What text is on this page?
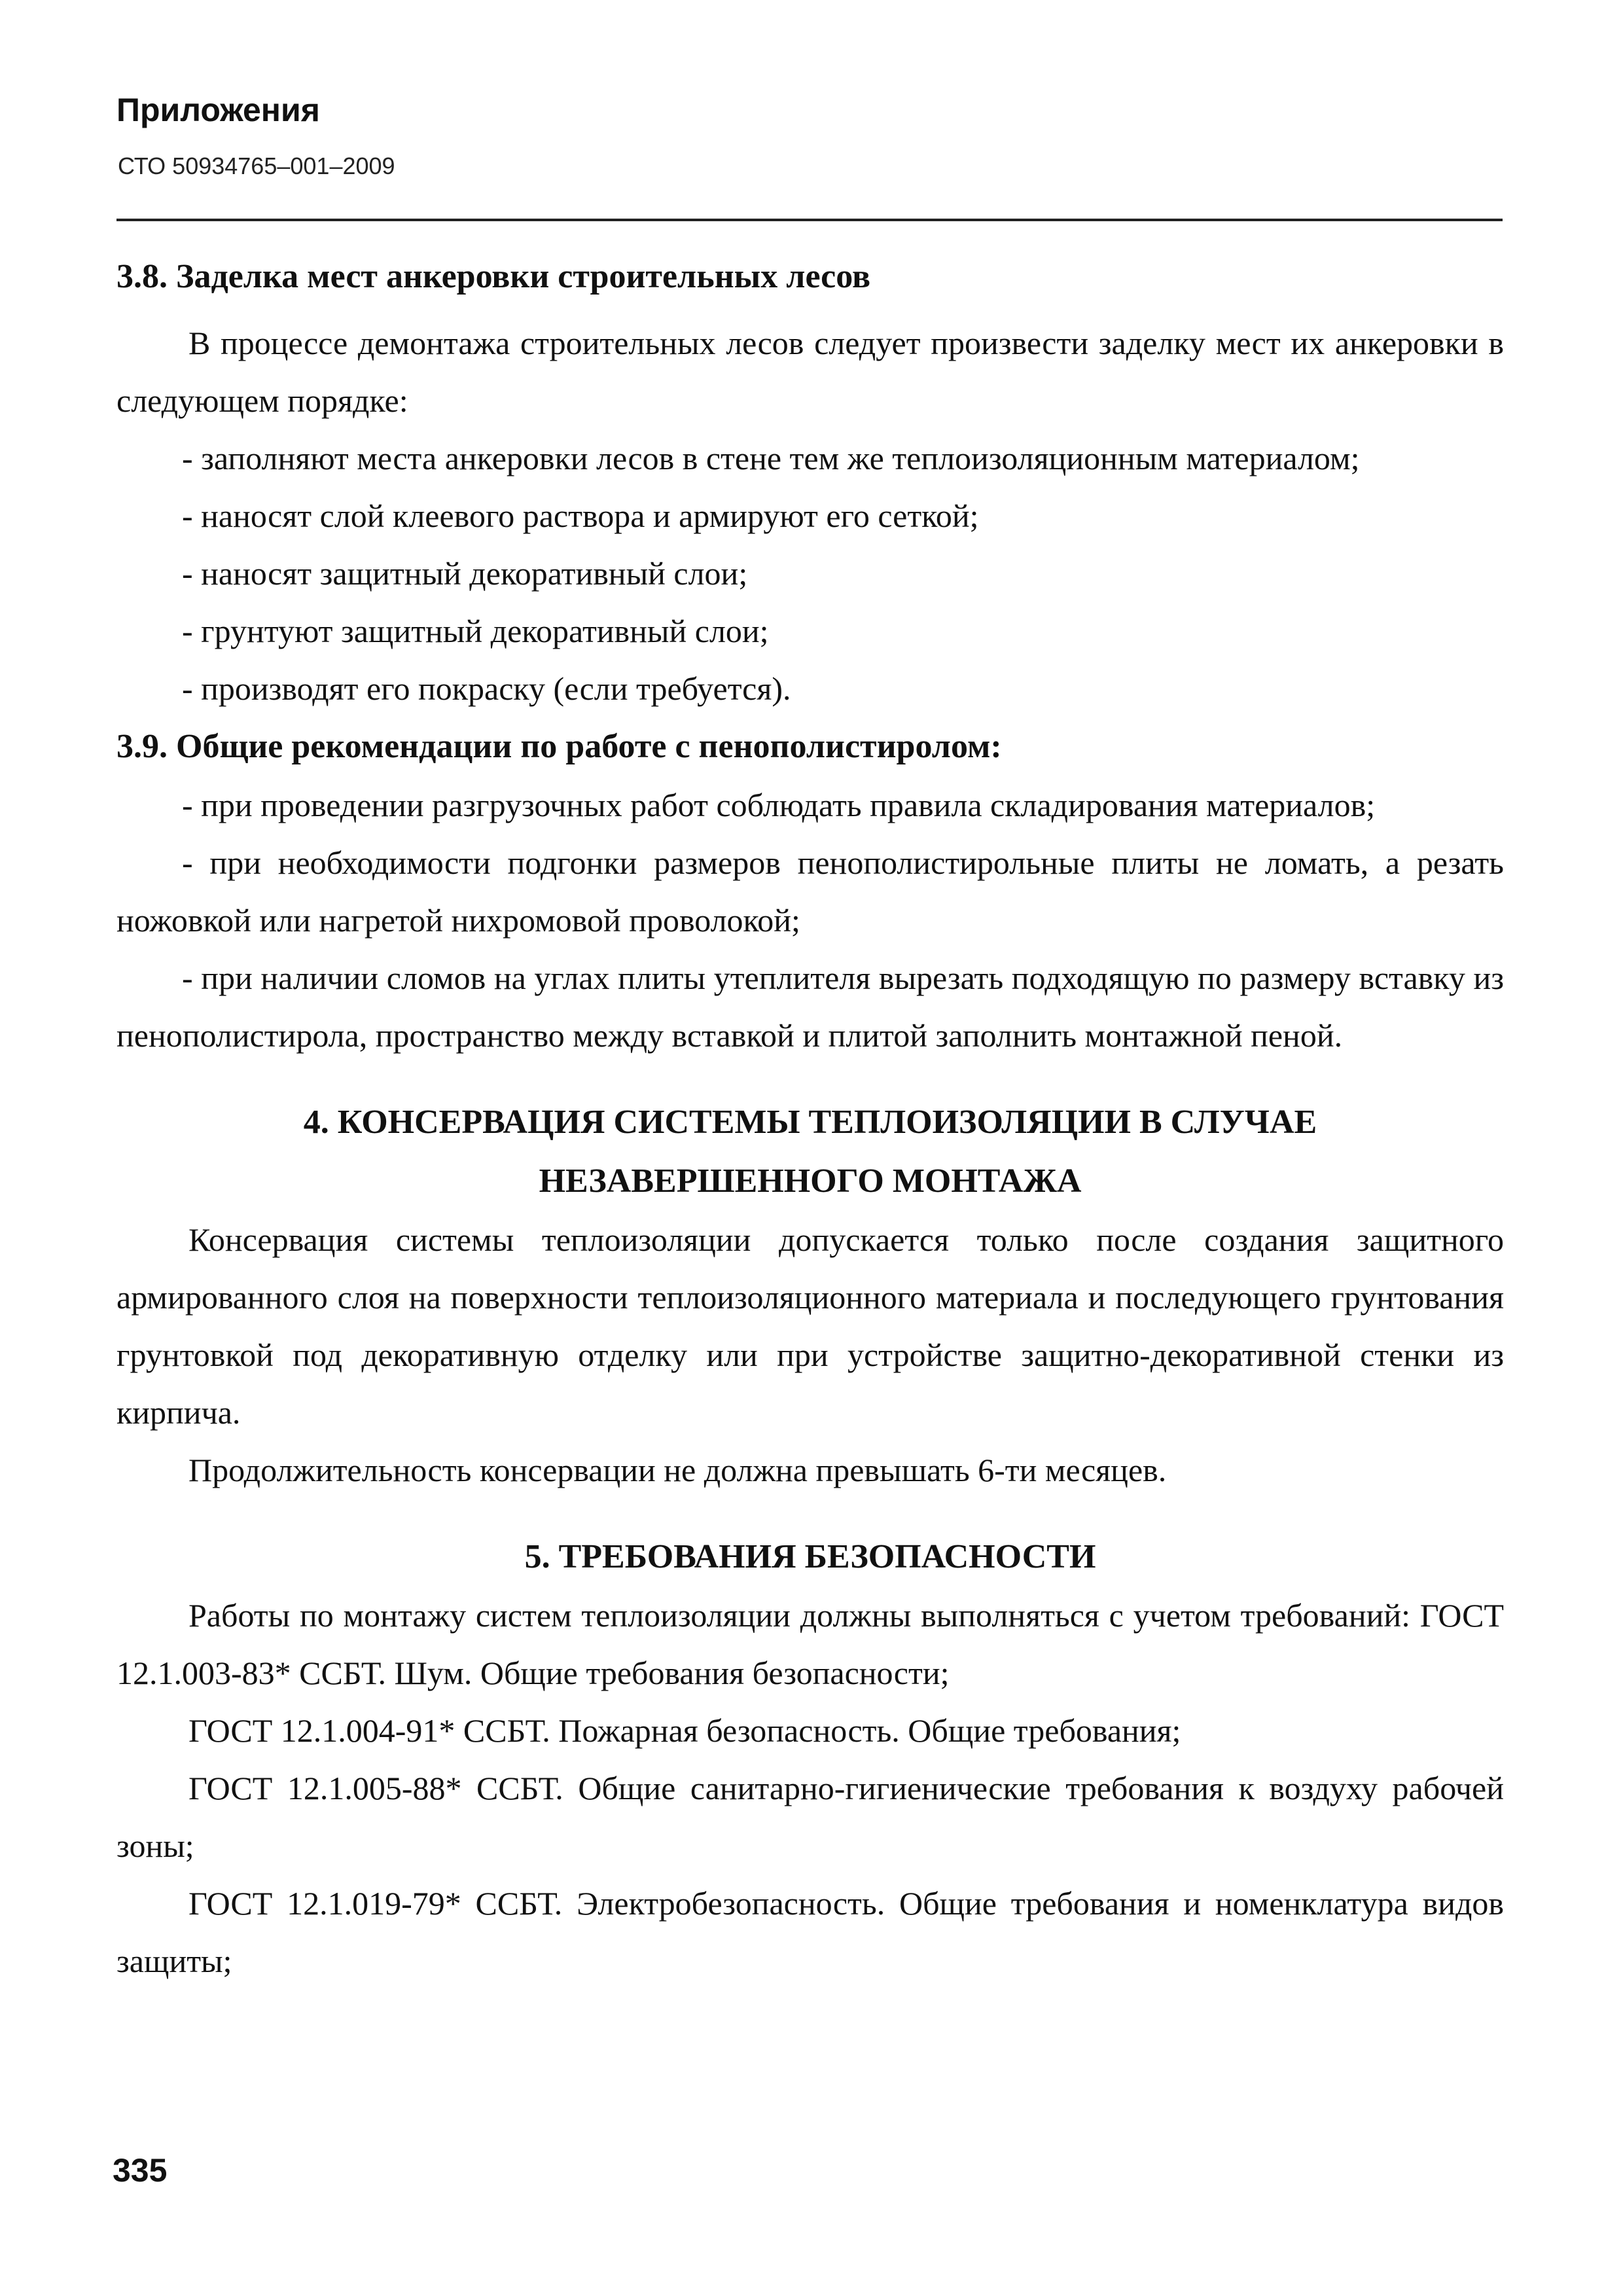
Приложения
СТО 50934765–001–2009
3.8. Заделка мест анкеровки строительных лесов

В процессе демонтажа строительных лесов следует произвести заделку мест их анкеровки в следующем порядке:

- заполняют места анкеровки лесов в стене тем же теплоизоляционным материалом;

- наносят слой клеевого раствора и армируют его сеткой;

- наносят защитный декоративный слои;

- грунтуют защитный декоративный слои;

- производят его покраску (если требуется).

3.9. Общие рекомендации по работе с пенополистиролом:

- при проведении разгрузочных работ соблюдать правила складирования материалов;

- при необходимости подгонки размеров пенополистирольные плиты не ломать, а резать ножовкой или нагретой нихромовой проволокой;

- при наличии сломов на углах плиты утеплителя вырезать подходящую по размеру вставку из пенополистирола, пространство между вставкой и плитой заполнить монтажной пеной.

4. КОНСЕРВАЦИЯ СИСТЕМЫ ТЕПЛОИЗОЛЯЦИИ В СЛУЧАЕ
НЕЗАВЕРШЕННОГО МОНТАЖА

Консервация системы теплоизоляции допускается только после создания защитного армированного слоя на поверхности теплоизоляционного материала и последующего грунтования грунтовкой под декоративную отделку или при устройстве защитно-декоративной стенки из кирпича.

Продолжительность консервации не должна превышать 6-ти месяцев.

5. ТРЕБОВАНИЯ БЕЗОПАСНОСТИ

Работы по монтажу систем теплоизоляции должны выполняться с учетом требований: ГОСТ 12.1.003-83* ССБТ. Шум. Общие требования безопасности;

ГОСТ 12.1.004-91* ССБТ. Пожарная безопасность. Общие требования;

ГОСТ 12.1.005-88* ССБТ. Общие санитарно-гигиенические требования к воздуху рабочей зоны;

ГОСТ 12.1.019-79* ССБТ. Электробезопасность. Общие требования и номенклатура видов защиты;

335
